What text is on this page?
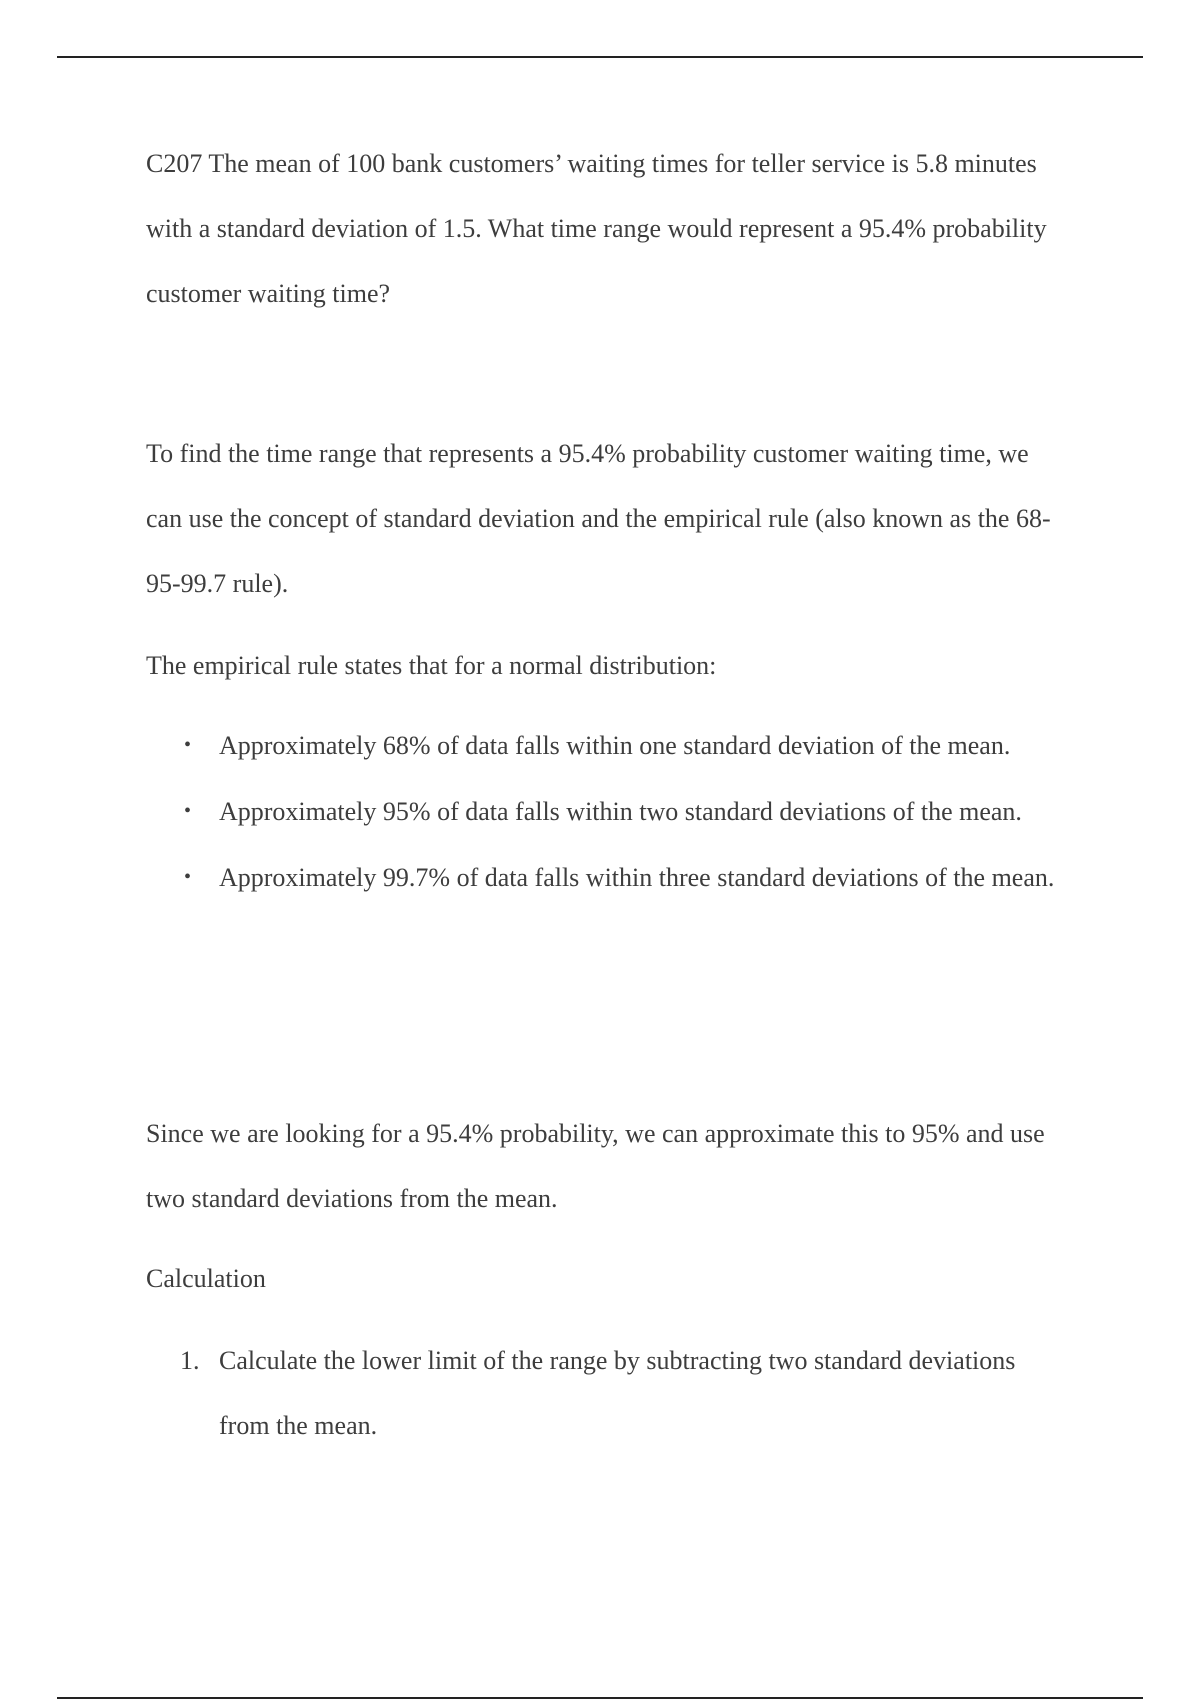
C207 The mean of 100 bank customers’ waiting times for teller service is 5.8 minutes with a standard deviation of 1.5. What time range would represent a 95.4% probability customer waiting time?

To find the time range that represents a 95.4% probability customer waiting time, we can use the concept of standard deviation and the empirical rule (also known as the 68-95-99.7 rule).

The empirical rule states that for a normal distribution:

• Approximately 68% of data falls within one standard deviation of the mean.
• Approximately 95% of data falls within two standard deviations of the mean.
• Approximately 99.7% of data falls within three standard deviations of the mean.

Since we are looking for a 95.4% probability, we can approximate this to 95% and use two standard deviations from the mean.

Calculation

1. Calculate the lower limit of the range by subtracting two standard deviations from the mean.
